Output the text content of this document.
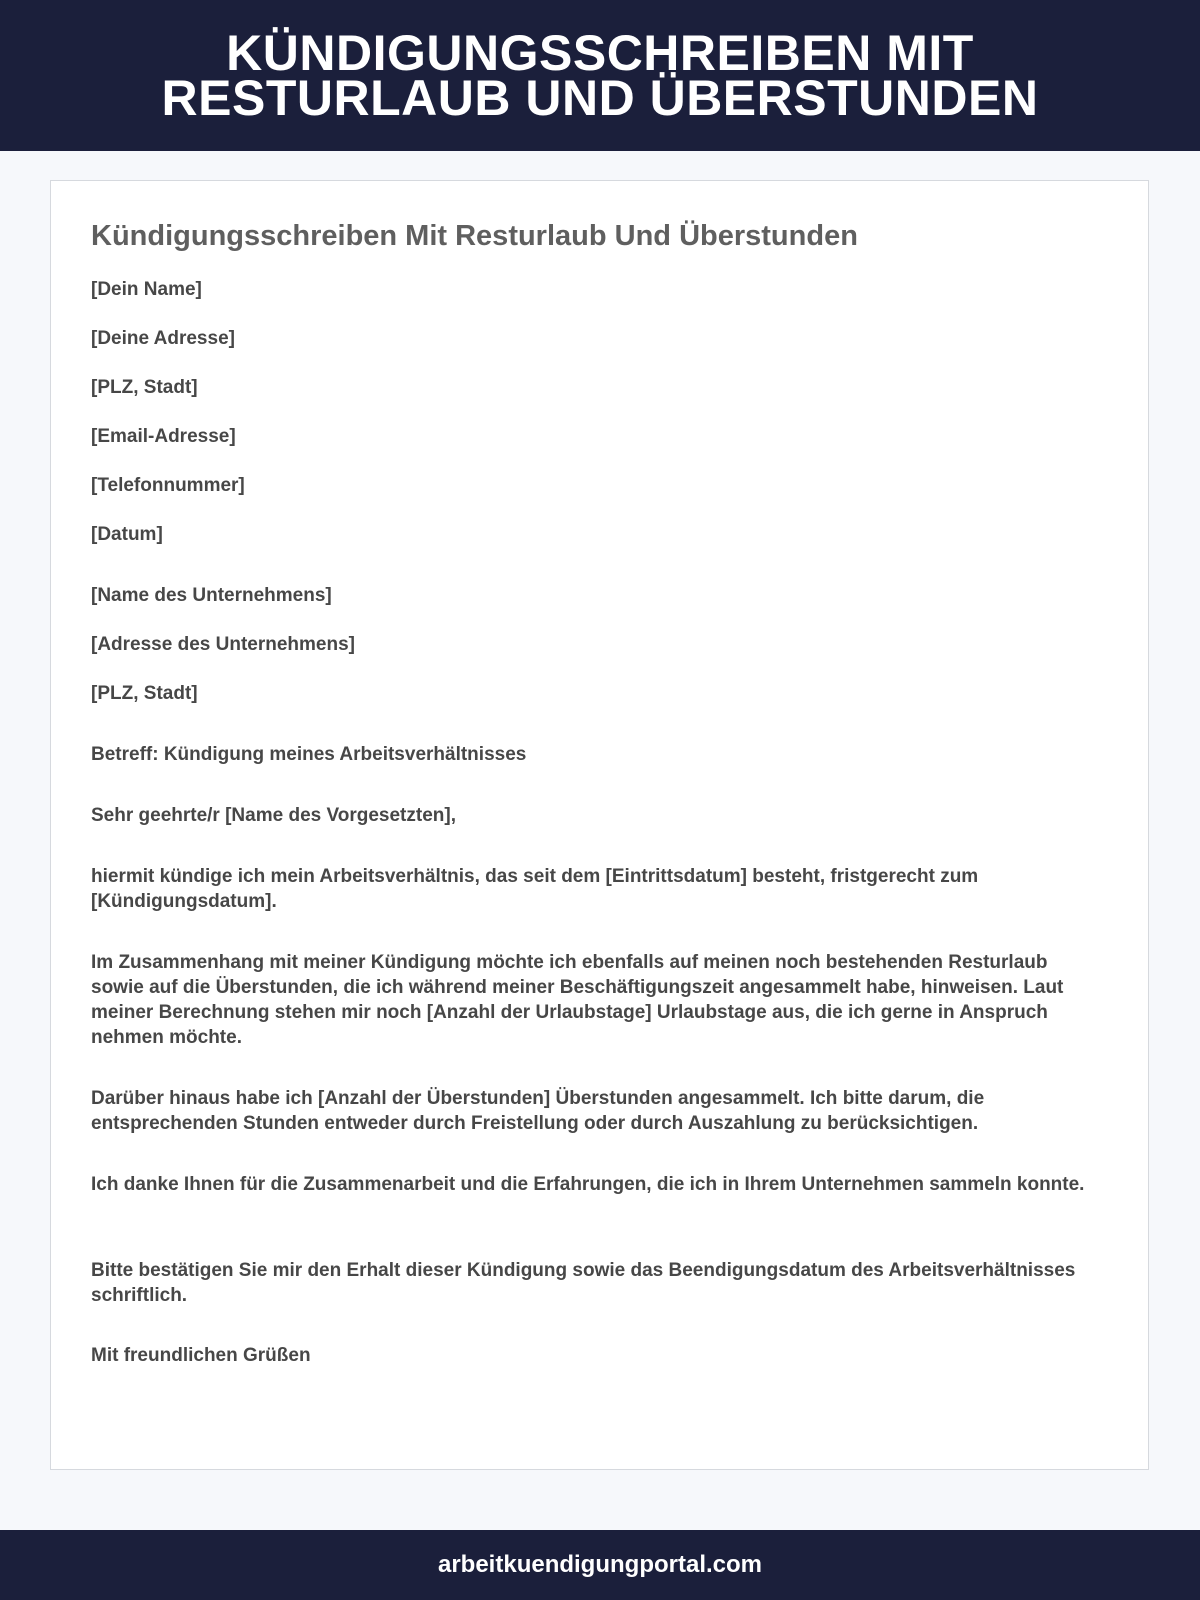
KÜNDIGUNGSSCHREIBEN MIT
RESTURLAUB UND ÜBERSTUNDEN
Kündigungsschreiben Mit Resturlaub Und Überstunden

[Dein Name]

[Deine Adresse]

[PLZ, Stadt]

[Email-Adresse]

[Telefonnummer]

[Datum]

[Name des Unternehmens]

[Adresse des Unternehmens]

[PLZ, Stadt]

Betreff: Kündigung meines Arbeitsverhältnisses

Sehr geehrte/r [Name des Vorgesetzten],

hiermit kündige ich mein Arbeitsverhältnis, das seit dem [Eintrittsdatum] besteht, fristgerecht zum [Kündigungsdatum].

Im Zusammenhang mit meiner Kündigung möchte ich ebenfalls auf meinen noch bestehenden Resturlaub sowie auf die Überstunden, die ich während meiner Beschäftigungszeit angesammelt habe, hinweisen. Laut meiner Berechnung stehen mir noch [Anzahl der Urlaubstage] Urlaubstage aus, die ich gerne in Anspruch nehmen möchte.

Darüber hinaus habe ich [Anzahl der Überstunden] Überstunden angesammelt. Ich bitte darum, die entsprechenden Stunden entweder durch Freistellung oder durch Auszahlung zu berücksichtigen.

Ich danke Ihnen für die Zusammenarbeit und die Erfahrungen, die ich in Ihrem Unternehmen sammeln konnte.

Bitte bestätigen Sie mir den Erhalt dieser Kündigung sowie das Beendigungsdatum des Arbeitsverhältnisses schriftlich.

Mit freundlichen Grüßen

arbeitkuendigungportal.com
